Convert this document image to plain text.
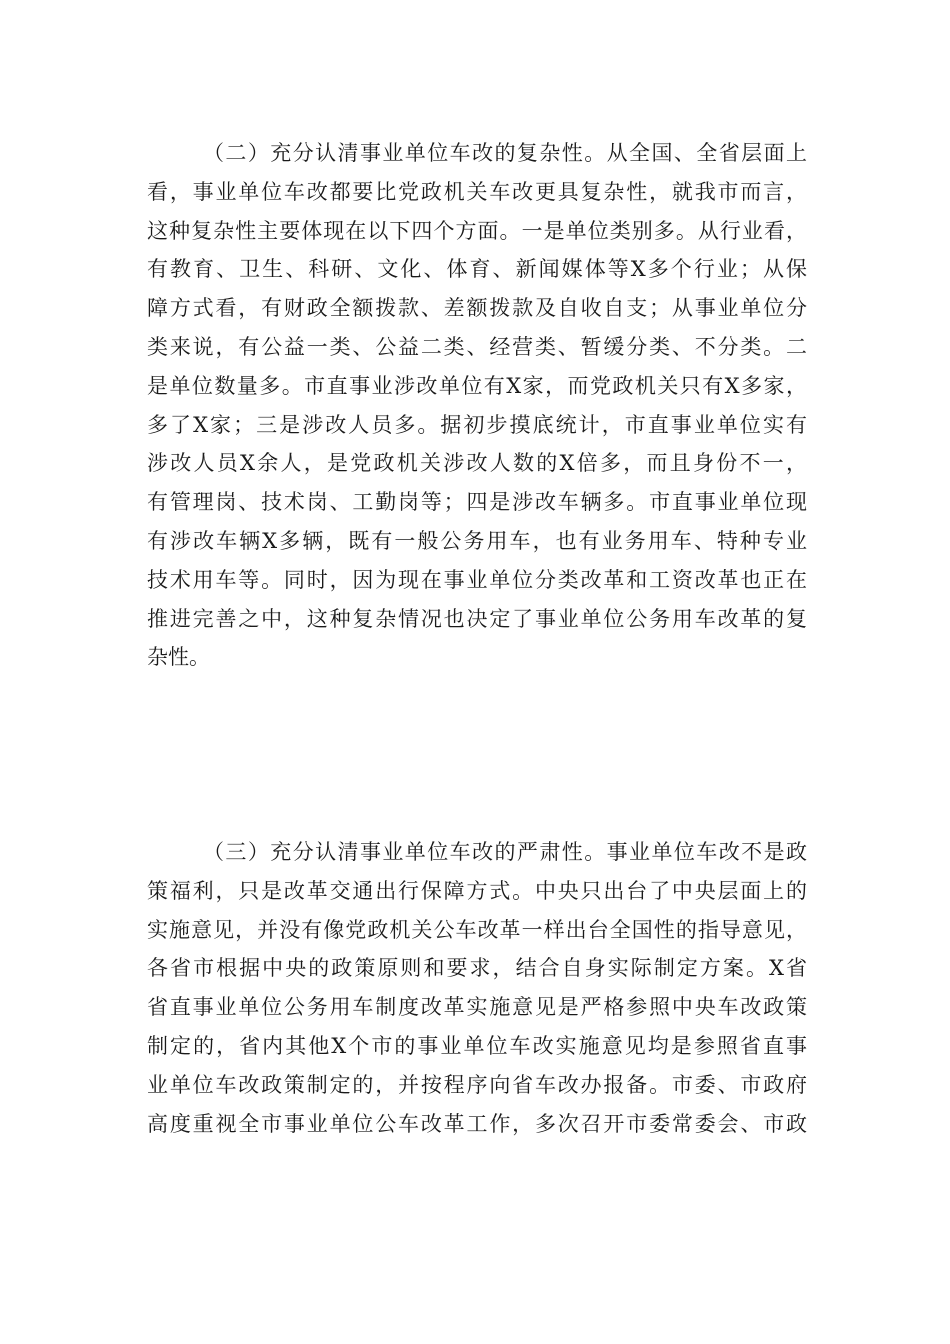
（二）充分认清事业单位车改的复杂性。从全国、全省层面上
看，事业单位车改都要比党政机关车改更具复杂性，就我市而言，
这种复杂性主要体现在以下四个方面。一是单位类别多。从行业看，
有教育、卫生、科研、文化、体育、新闻媒体等X多个行业；从保
障方式看，有财政全额拨款、差额拨款及自收自支；从事业单位分
类来说，有公益一类、公益二类、经营类、暂缓分类、不分类。二
是单位数量多。市直事业涉改单位有X家，而党政机关只有X多家，
多了X家；三是涉改人员多。据初步摸底统计，市直事业单位实有
涉改人员X余人，是党政机关涉改人数的X倍多，而且身份不一，
有管理岗、技术岗、工勤岗等；四是涉改车辆多。市直事业单位现
有涉改车辆X多辆，既有一般公务用车，也有业务用车、特种专业
技术用车等。同时，因为现在事业单位分类改革和工资改革也正在
推进完善之中，这种复杂情况也决定了事业单位公务用车改革的复
杂性。
（三）充分认清事业单位车改的严肃性。事业单位车改不是政
策福利，只是改革交通出行保障方式。中央只出台了中央层面上的
实施意见，并没有像党政机关公车改革一样出台全国性的指导意见，
各省市根据中央的政策原则和要求，结合自身实际制定方案。X省
省直事业单位公务用车制度改革实施意见是严格参照中央车改政策
制定的，省内其他X个市的事业单位车改实施意见均是参照省直事
业单位车改政策制定的，并按程序向省车改办报备。市委、市政府
高度重视全市事业单位公车改革工作，多次召开市委常委会、市政
